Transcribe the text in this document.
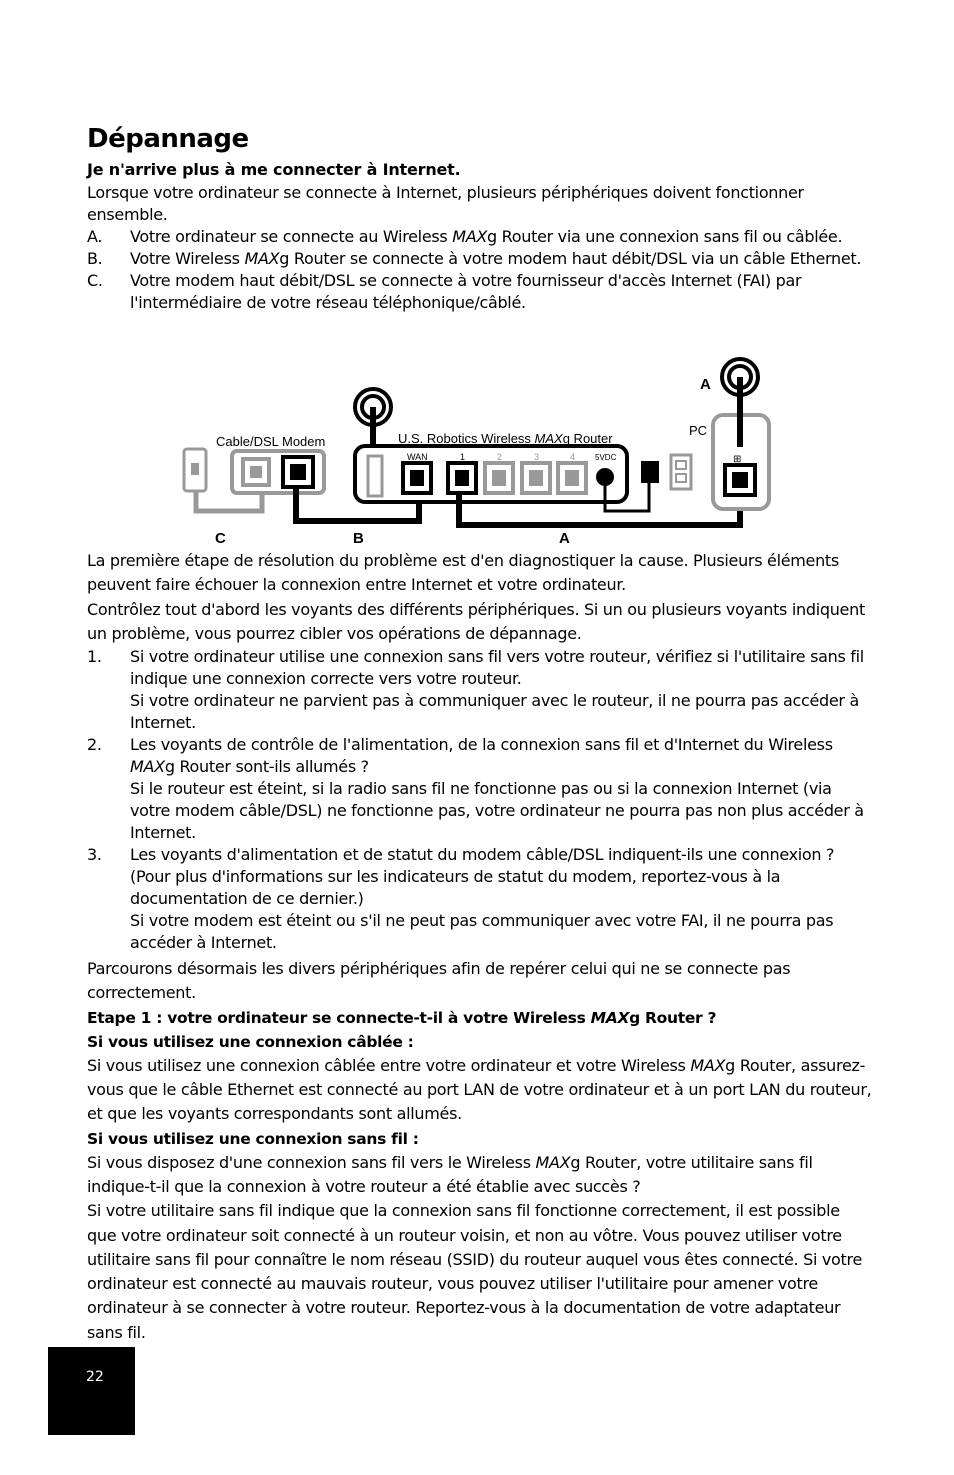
Dépannage
Je n'arrive plus à me connecter à Internet.

Lorsque votre ordinateur se connecte à Internet, plusieurs périphériques doivent fonctionner ensemble.

A.	Votre ordinateur se connecte au Wireless MAXg Router via une connexion sans fil ou câblée.
B.	Votre Wireless MAXg Router se connecte à votre modem haut débit/DSL via un câble Ethernet.
C.	Votre modem haut débit/DSL se connecte à votre fournisseur d'accès Internet (FAI) par l'intermédiaire de votre réseau téléphonique/câblé.
Cable/DSL Modem	U.S. Robotics Wireless MAXg Router
WAN	1	2	3	4 5VDC
PC
⊞
A
C	B	A

La première étape de résolution du problème est d'en diagnostiquer la cause. Plusieurs éléments peuvent faire échouer la connexion entre Internet et votre ordinateur.

Contrôlez tout d'abord les voyants des différents périphériques. Si un ou plusieurs voyants indiquent un problème, vous pourrez cibler vos opérations de dépannage.

1.	Si votre ordinateur utilise une connexion sans fil vers votre routeur, vérifiez si l'utilitaire sans fil indique une connexion correcte vers votre routeur.
Si votre ordinateur ne parvient pas à communiquer avec le routeur, il ne pourra pas accéder à Internet.
2.	Les voyants de contrôle de l'alimentation, de la connexion sans fil et d'Internet du Wireless MAXg Router sont-ils allumés ?
Si le routeur est éteint, si la radio sans fil ne fonctionne pas ou si la connexion Internet (via votre modem câble/DSL) ne fonctionne pas, votre ordinateur ne pourra pas non plus accéder à Internet.
3.	Les voyants d'alimentation et de statut du modem câble/DSL indiquent-ils une connexion ? (Pour plus d'informations sur les indicateurs de statut du modem, reportez-vous à la documentation de ce dernier.)
Si votre modem est éteint ou s'il ne peut pas communiquer avec votre FAI, il ne pourra pas accéder à Internet.

Parcourons désormais les divers périphériques afin de repérer celui qui ne se connecte pas correctement.

Etape 1 : votre ordinateur se connecte-t-il à votre Wireless MAXg Router ?
Si vous utilisez une connexion câblée :

Si vous utilisez une connexion câblée entre votre ordinateur et votre Wireless MAXg Router, assurez-vous que le câble Ethernet est connecté au port LAN de votre ordinateur et à un port LAN du routeur, et que les voyants correspondants sont allumés.

Si vous utilisez une connexion sans fil :

Si vous disposez d'une connexion sans fil vers le Wireless MAXg Router, votre utilitaire sans fil indique-t-il que la connexion à votre routeur a été établie avec succès ?

Si votre utilitaire sans fil indique que la connexion sans fil fonctionne correctement, il est possible que votre ordinateur soit connecté à un routeur voisin, et non au vôtre. Vous pouvez utiliser votre utilitaire sans fil pour connaître le nom réseau (SSID) du routeur auquel vous êtes connecté. Si votre ordinateur est connecté au mauvais routeur, vous pouvez utiliser l'utilitaire pour amener votre ordinateur à se connecter à votre routeur. Reportez-vous à la documentation de votre adaptateur sans fil.

22
